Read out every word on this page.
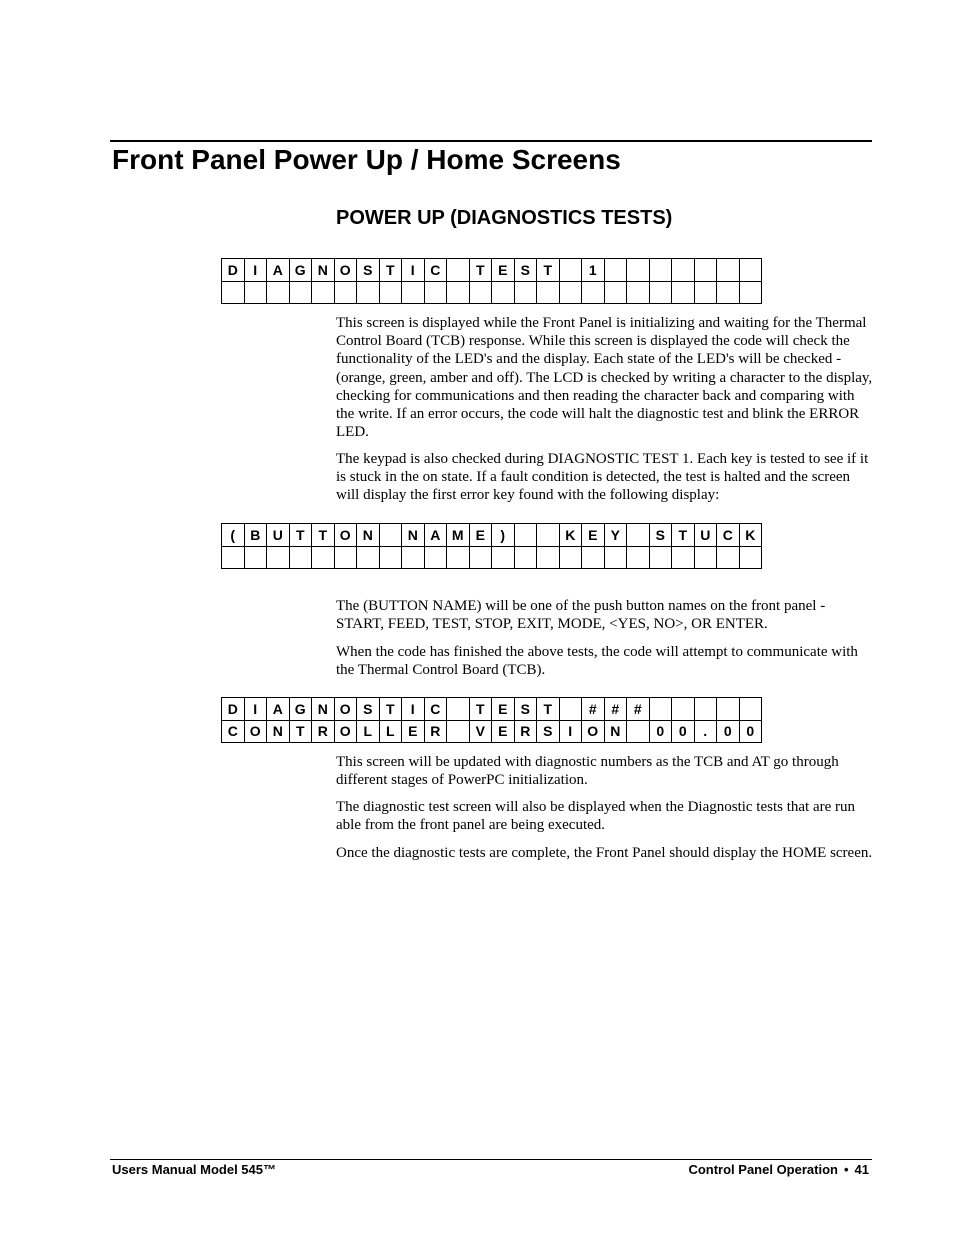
Front Panel Power Up / Home Screens
POWER UP (DIAGNOSTICS TESTS)
D	I	A	G	N	O	S	T	I	C		T	E	S	T		1							

This screen is displayed while the Front Panel is initializing and waiting for the Thermal Control Board (TCB) response. While this screen is displayed the code will check the functionality of the LED's and the display. Each state of the LED's will be checked - (orange, green, amber and off). The LCD is checked by writing a character to the display, checking for communications and then reading the character back and comparing with the write. If an error occurs, the code will halt the diagnostic test and blink the ERROR LED.

The keypad is also checked during DIAGNOSTIC TEST 1. Each key is tested to see if it is stuck in the on state. If a fault condition is detected, the test is halted and the screen will display the first error key found with the following display:

(	B	U	T	T	O	N		N	A	M	E	)			K	E	Y		S	T	U	C	K

The (BUTTON NAME) will be one of the push button names on the front panel - START, FEED, TEST, STOP, EXIT, MODE, <YES, NO>, OR ENTER.

When the code has finished the above tests, the code will attempt to communicate with the Thermal Control Board (TCB).

D	I	A	G	N	O	S	T	I	C		T	E	S	T		#	#	#					
C	O	N	T	R	O	L	L	E	R		V	E	R	S	I	O	N		0	0	.	0	0

This screen will be updated with diagnostic numbers as the TCB and AT go through different stages of PowerPC initialization.

The diagnostic test screen will also be displayed when the Diagnostic tests that are run able from the front panel are being executed.

Once the diagnostic tests are complete, the Front Panel should display the HOME screen.

Users Manual Model 545™	Control Panel Operation • 41
